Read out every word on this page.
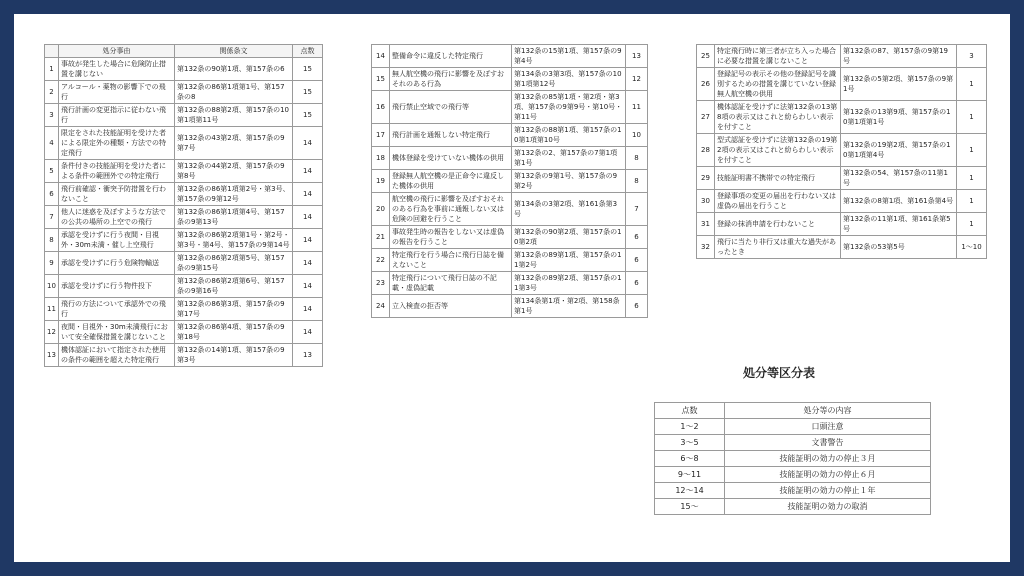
	処分事由	関係条文	点数
1	事故が発生した場合に危険防止措置を講じない	第132条の90第1項、第157条の6	15
2	アルコール・薬物の影響下での飛行	第132条の86第1項第1号、第157条の8	15
3	飛行計画の変更指示に従わない飛行	第132条の88第2項、第157条の10第1項第11号	15
4	限定をされた技能証明を受けた者による限定外の種類・方法での特定飛行	第132条の43第2項、第157条の9第7号	14
5	条件付きの技能証明を受けた者による条件の範囲外での特定飛行	第132条の44第2項、第157条の9第8号	14
6	飛行前確認・衝突予防措置を行わないこと	第132条の86第1項第2号・第3号、第157条の9第12号	14
7	他人に迷惑を及ぼすような方法での公共の場所の上空での飛行	第132条の86第1項第4号、第157条の9第13号	14
8	承認を受けずに行う夜間・目視外・30m未満・催し上空飛行	第132条の86第2項第1号・第2号・第3号・第4号、第157条の9第14号	14
9	承認を受けずに行う危険物輸送	第132条の86第2項第5号、第157条の9第15号	14
10	承認を受けずに行う物件投下	第132条の86第2項第6号、第157条の9第16号	14
11	飛行の方法について承認外での飛行	第132条の86第3項、第157条の9第17号	14
12	夜間・目視外・30m未満飛行において安全確保措置を講じないこと	第132条の86第4項、第157条の9第18号	14
13	機体認証において指定された使用の条件の範囲を超えた特定飛行	第132条の14第1項、第157条の9第3号	13
14	整備命令に違反した特定飛行	第132条の15第1項、第157条の9第4号	13
15	無人航空機の飛行に影響を及ぼすおそれのある行為	第134条の3第3項、第157条の10第1項第12号	12
16	飛行禁止空域での飛行等	第132条の85第1項・第2項・第3項、第157条の9第9号・第10号・第11号	11
17	飛行計画を通報しない特定飛行	第132条の88第1項、第157条の10第1項第10号	10
18	機体登録を受けていない機体の供用	第132条の2、第157条の7第1項第1号	8
19	登録無人航空機の是正命令に違反した機体の供用	第132条の9第1号、第157条の9第2号	8
20	航空機の飛行に影響を及ぼすおそれのある行為を事前に通報しない又は危険の回避を行うこと	第134条の3第2項、第161条第3号	7
21	事故発生時の報告をしない又は虚偽の報告を行うこと	第132条の90第2項、第157条の10第2項	6
22	特定飛行を行う場合に飛行日誌を備えないこと	第132条の89第1項、第157条の11第2号	6
23	特定飛行について飛行日誌の不記載・虚偽記載	第132条の89第2項、第157条の11第3号	6
24	立入検査の拒否等	第134条第1項・第2項、第158条第1号	6
25	特定飛行時に第三者が立ち入った場合に必要な措置を講じないこと	第132条の87、第157条の9第19号	3
26	登録記号の表示その他の登録記号を識別するための措置を講じていない登録無人航空機の供用	第132条の5第2項、第157条の9第1号	1
27	機体認証を受けずに法第132条の13第8項の表示又はこれと紛らわしい表示を付すこと	第132条の13第9項、第157条の10第1項第1号	1
28	型式認証を受けずに法第132条の19第2項の表示又はこれと紛らわしい表示を付すこと	第132条の19第2項、第157条の10第1項第4号	1
29	技能証明書不携帯での特定飛行	第132条の54、第157条の11第1号	1
30	登録事項の変更の届出を行わない又は虚偽の届出を行うこと	第132条の8第1項、第161条第4号	1
31	登録の抹消申請を行わないこと	第132条の11第1項、第161条第5号	1
32	飛行に当たり非行又は重大な過失があったとき	第132条の53第5号	1～10
処分等区分表
点数	処分等の内容
1～2	口頭注意
3～5	文書警告
6～8	技能証明の効力の停止３月
9～11	技能証明の効力の停止６月
12～14	技能証明の効力の停止１年
15～	技能証明の効力の取消
